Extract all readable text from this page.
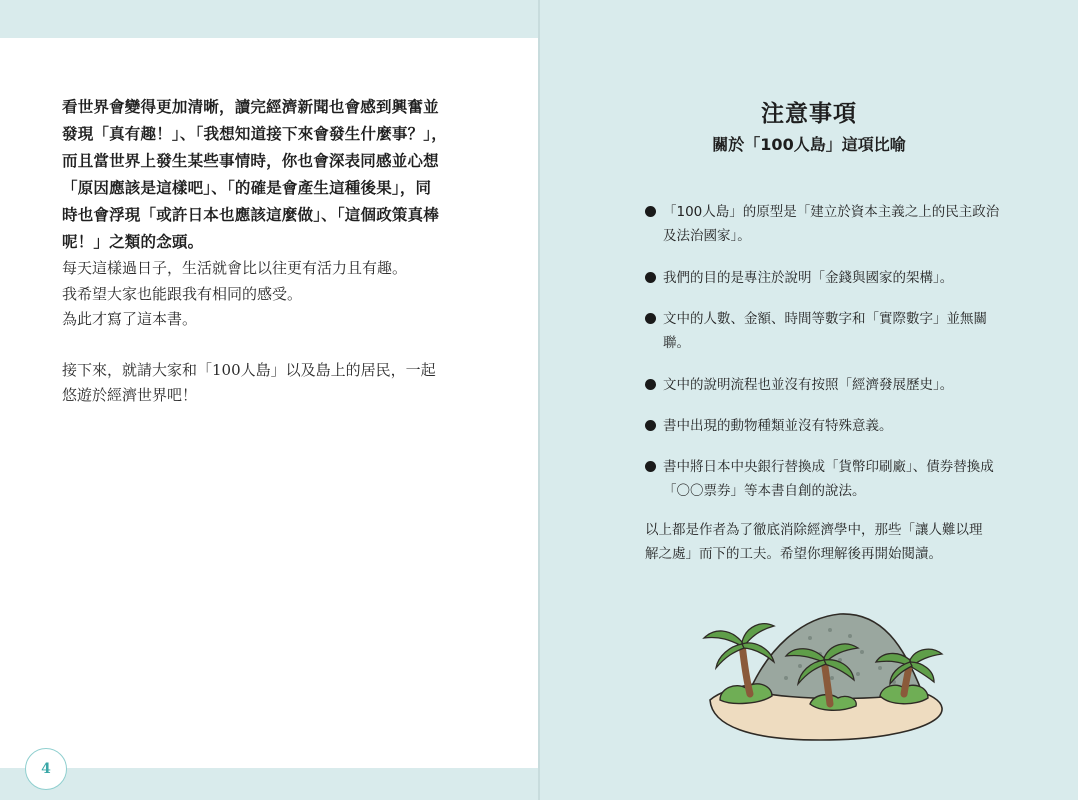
看世界會變得更加清晰，讀完經濟新聞也會感到興奮並
發現「真有趣！」、「我想知道接下來會發生什麼事？」，
而且當世界上發生某些事情時，你也會深表同感並心想
「原因應該是這樣吧」、「的確是會產生這種後果」，同
時也會浮現「或許日本也應該這麼做」、「這個政策真棒
呢！」之類的念頭。
每天這樣過日子，生活就會比以往更有活力且有趣。
我希望大家也能跟我有相同的感受。
為此才寫了這本書。
接下來，就請大家和「100人島」以及島上的居民，一起
悠遊於經濟世界吧！
4
注意事項
關於「100人島」這項比喻
「100人島」的原型是「建立於資本主義之上的民主政治
及法治國家」。
我們的目的是專注於說明「金錢與國家的架構」。
文中的人數、金額、時間等數字和「實際數字」並無關
聯。
文中的說明流程也並沒有按照「經濟發展歷史」。
書中出現的動物種類並沒有特殊意義。
書中將日本中央銀行替換成「貨幣印刷廠」、債券替換成
「〇〇票券」等本書自創的說法。
以上都是作者為了徹底消除經濟學中，那些「讓人難以理
解之處」而下的工夫。希望你理解後再開始閱讀。
